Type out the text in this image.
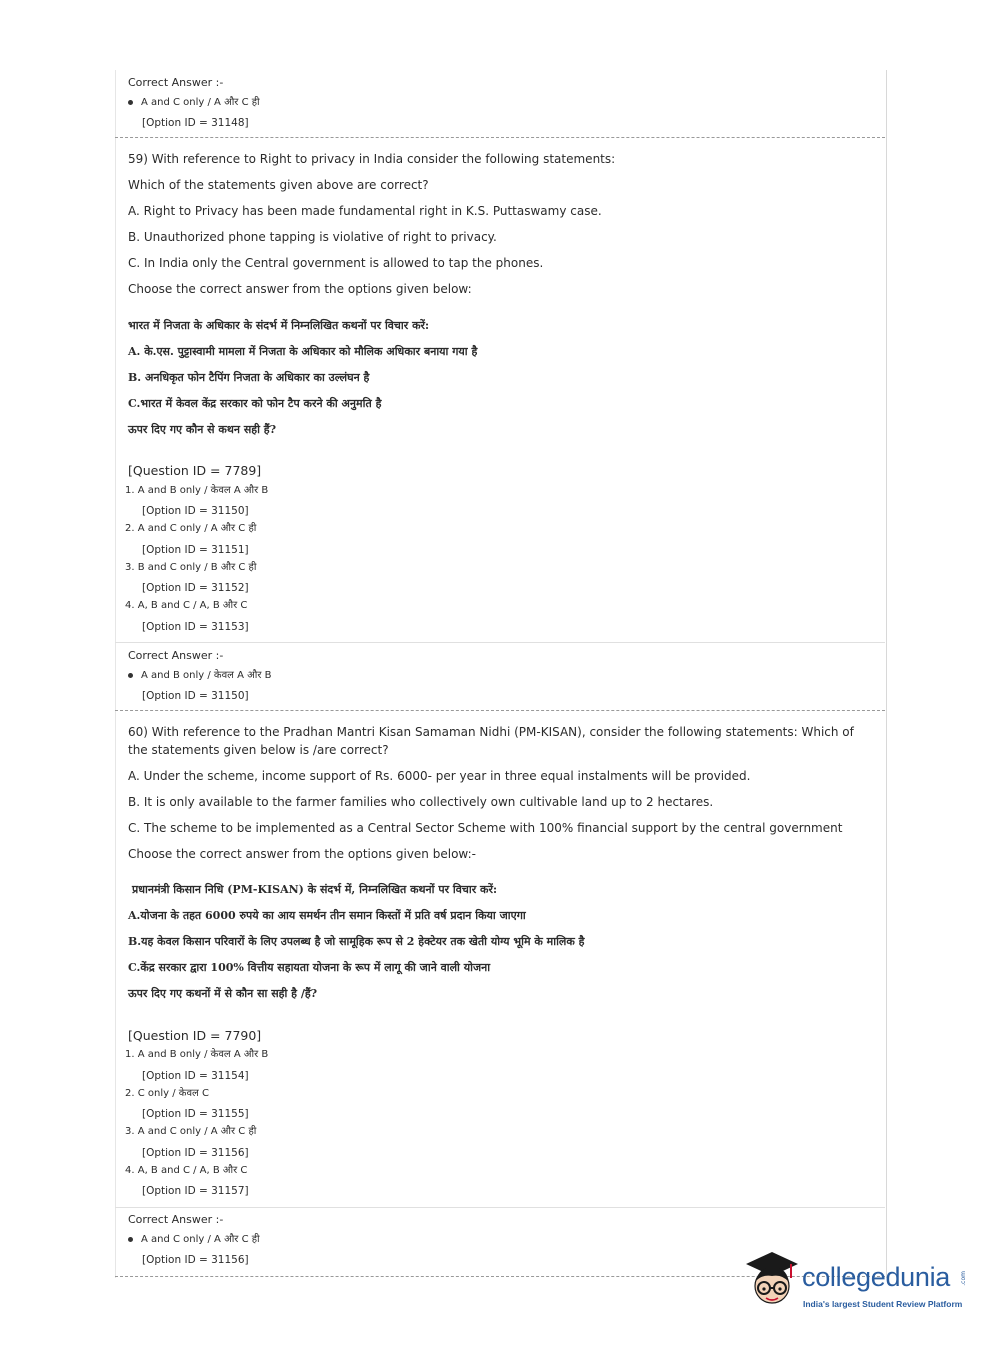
Correct Answer :-
A and C only / A और C ही
[Option ID = 31148]
59) With reference to Right to privacy in India consider the following statements:
Which of the statements given above are correct?
A. Right to Privacy has been made fundamental right in K.S. Puttaswamy case.
B. Unauthorized phone tapping is violative of right to privacy.
C. In India only the Central government is allowed to tap the phones.
Choose the correct answer from the options given below:
भारत में निजता के अधिकार के संदर्भ में निम्नलिखित कथनों पर विचार करें:
A. के.एस. पुट्टास्वामी मामला में निजता के अधिकार को मौलिक अधिकार बनाया गया है
B. अनधिकृत फोन टैपिंग निजता के अधिकार का उल्लंघन है
C.भारत में केवल केंद्र सरकार को फोन टैप करने की अनुमति है
ऊपर दिए गए कौन से कथन सही हैं?
[Question ID = 7789]
1. A and B only / केवल A और B
[Option ID = 31150]
2. A and C only / A और C ही
[Option ID = 31151]
3. B and C only / B और C ही
[Option ID = 31152]
4. A, B and C / A, B और C
[Option ID = 31153]
Correct Answer :-
A and B only / केवल A और B
[Option ID = 31150]
60) With reference to the Pradhan Mantri Kisan Samaman Nidhi (PM-KISAN), consider the following statements: Which of
the statements given below is /are correct?
A. Under the scheme, income support of Rs. 6000- per year in three equal instalments will be provided.
B. It is only available to the farmer families who collectively own cultivable land up to 2 hectares.
C. The scheme to be implemented as a Central Sector Scheme with 100% financial support by the central government
Choose the correct answer from the options given below:-
प्रधानमंत्री किसान निधि (PM-KISAN) के संदर्भ में, निम्नलिखित कथनों पर विचार करें:
A.योजना के तहत 6000 रुपये का आय समर्थन तीन समान किस्तों में प्रति वर्ष प्रदान किया जाएगा
B.यह केवल किसान परिवारों के लिए उपलब्ध है जो सामूहिक रूप से 2 हेक्टेयर तक खेती योग्य भूमि के मालिक है
C.केंद्र सरकार द्वारा 100% वित्तीय सहायता योजना के रूप में लागू की जाने वाली योजना
ऊपर दिए गए कथनों में से कौन सा सही है /हैं?
[Question ID = 7790]
1. A and B only / केवल A और B
[Option ID = 31154]
2. C only / केवल C
[Option ID = 31155]
3. A and C only / A और C ही
[Option ID = 31156]
4. A, B and C / A, B और C
[Option ID = 31157]
Correct Answer :-
A and C only / A और C ही
[Option ID = 31156]
collegedunia .com
India's largest Student Review Platform
